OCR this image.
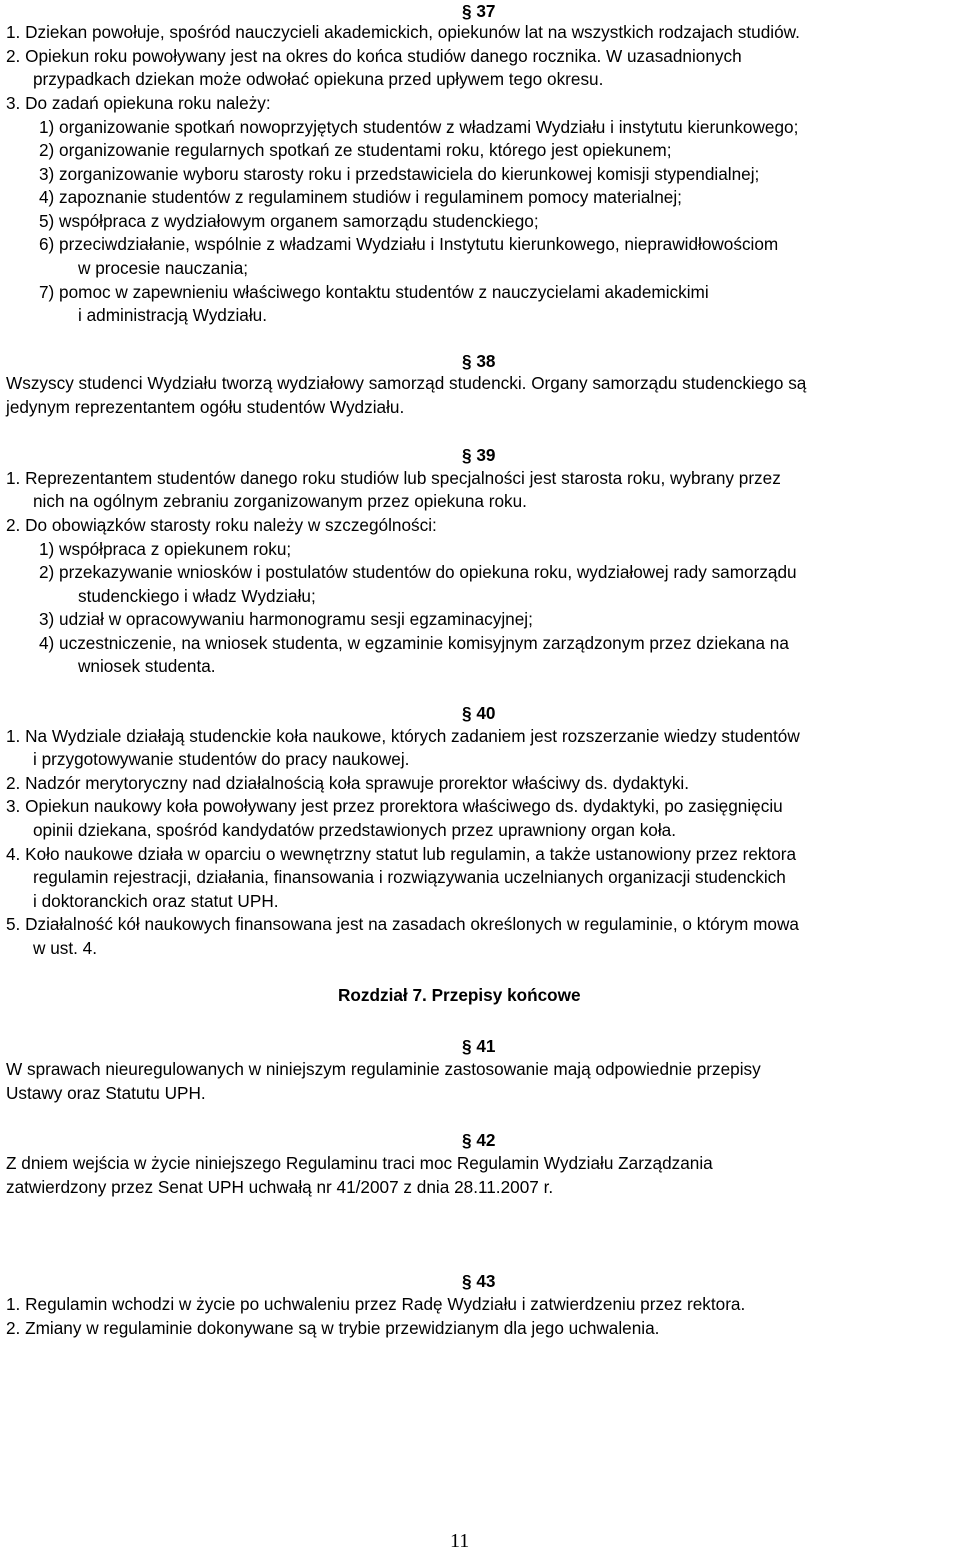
§ 37
1. Dziekan powołuje, spośród nauczycieli akademickich, opiekunów lat na wszystkich rodzajach studiów.
2. Opiekun roku powoływany jest na okres do końca studiów danego rocznika. W uzasadnionych
przypadkach dziekan może odwołać opiekuna przed upływem tego okresu.
3. Do zadań opiekuna roku należy:
1) organizowanie spotkań nowoprzyjętych studentów z władzami Wydziału i instytutu kierunkowego;
2) organizowanie regularnych spotkań ze studentami roku, którego jest opiekunem;
3) zorganizowanie wyboru starosty roku i przedstawiciela do kierunkowej komisji stypendialnej;
4) zapoznanie studentów z regulaminem studiów i regulaminem pomocy materialnej;
5) współpraca z wydziałowym organem samorządu studenckiego;
6) przeciwdziałanie, wspólnie z władzami Wydziału i Instytutu kierunkowego, nieprawidłowościom
w procesie nauczania;
7) pomoc w zapewnieniu właściwego kontaktu studentów z nauczycielami akademickimi
i administracją Wydziału.
§ 38
Wszyscy studenci Wydziału tworzą wydziałowy samorząd studencki. Organy samorządu studenckiego są
jedynym reprezentantem ogółu studentów Wydziału.
§ 39
1. Reprezentantem studentów danego roku studiów lub specjalności jest starosta roku, wybrany przez
nich na ogólnym zebraniu zorganizowanym przez opiekuna roku.
2. Do obowiązków starosty roku należy w szczególności:
1) współpraca z opiekunem roku;
2) przekazywanie wniosków i postulatów studentów do opiekuna roku, wydziałowej rady samorządu
studenckiego i władz Wydziału;
3) udział w opracowywaniu harmonogramu sesji egzaminacyjnej;
4) uczestniczenie, na wniosek studenta, w egzaminie komisyjnym zarządzonym przez dziekana na
wniosek studenta.
§ 40
1. Na Wydziale działają studenckie koła naukowe, których zadaniem jest rozszerzanie wiedzy studentów
i przygotowywanie studentów do pracy naukowej.
2. Nadzór merytoryczny nad działalnością koła sprawuje prorektor właściwy ds. dydaktyki.
3. Opiekun naukowy koła powoływany jest przez prorektora właściwego ds. dydaktyki, po zasięgnięciu
opinii dziekana, spośród kandydatów przedstawionych przez uprawniony organ koła.
4. Koło naukowe działa w oparciu o wewnętrzny statut lub regulamin, a także ustanowiony przez rektora
regulamin rejestracji, działania, finansowania i rozwiązywania uczelnianych organizacji studenckich
i doktoranckich oraz statut UPH.
5. Działalność kół naukowych finansowana jest na zasadach określonych w regulaminie, o którym mowa
w ust. 4.
Rozdział 7. Przepisy końcowe
§ 41
W sprawach nieuregulowanych w niniejszym regulaminie zastosowanie mają odpowiednie przepisy
Ustawy oraz Statutu UPH.
§ 42
Z dniem wejścia w życie niniejszego Regulaminu traci moc Regulamin Wydziału Zarządzania
zatwierdzony przez Senat UPH uchwałą nr 41/2007 z dnia 28.11.2007 r.
§ 43
1. Regulamin wchodzi w życie po uchwaleniu przez Radę Wydziału i zatwierdzeniu przez rektora.
2. Zmiany w regulaminie dokonywane są w trybie przewidzianym dla jego uchwalenia.
11
